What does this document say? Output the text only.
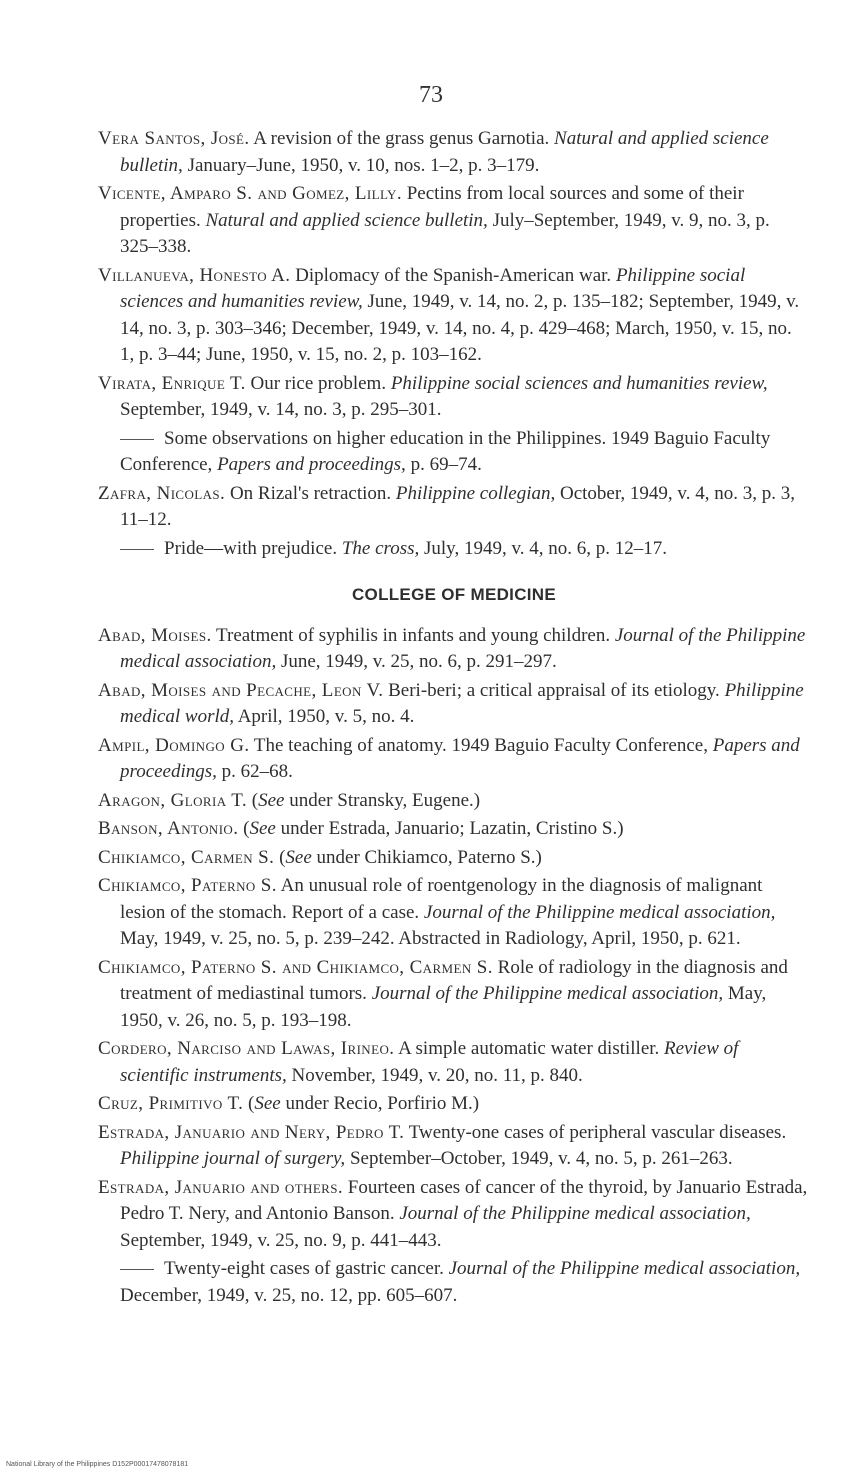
73
Vera Santos, José. A revision of the grass genus Garnotia. Natural and applied science bulletin, January–June, 1950, v. 10, nos. 1–2, p. 3–179.
Vicente, Amparo S. and Gomez, Lilly. Pectins from local sources and some of their properties. Natural and applied science bulletin, July–September, 1949, v. 9, no. 3, p. 325–338.
Villanueva, Honesto A. Diplomacy of the Spanish-American war. Philippine social sciences and humanities review, June, 1949, v. 14, no. 2, p. 135–182; September, 1949, v. 14, no. 3, p. 303–346; December, 1949, v. 14, no. 4, p. 429–468; March, 1950, v. 15, no. 1, p. 3–44; June, 1950, v. 15, no. 2, p. 103–162.
Virata, Enrique T. Our rice problem. Philippine social sciences and humanities review, September, 1949, v. 14, no. 3, p. 295–301.
Some observations on higher education in the Philippines. 1949 Baguio Faculty Conference, Papers and proceedings, p. 69–74.
Zafra, Nicolas. On Rizal's retraction. Philippine collegian, October, 1949, v. 4, no. 3, p. 3, 11–12.
Pride—with prejudice. The cross, July, 1949, v. 4, no. 6, p. 12–17.
COLLEGE OF MEDICINE
Abad, Moises. Treatment of syphilis in infants and young children. Journal of the Philippine medical association, June, 1949, v. 25, no. 6, p. 291–297.
Abad, Moises and Pecache, Leon V. Beri-beri; a critical appraisal of its etiology. Philippine medical world, April, 1950, v. 5, no. 4.
Ampil, Domingo G. The teaching of anatomy. 1949 Baguio Faculty Conference, Papers and proceedings, p. 62–68.
Aragon, Gloria T. (See under Stransky, Eugene.)
Banson, Antonio. (See under Estrada, Januario; Lazatin, Cristino S.)
Chikiamco, Carmen S. (See under Chikiamco, Paterno S.)
Chikiamco, Paterno S. An unusual role of roentgenology in the diagnosis of malignant lesion of the stomach. Report of a case. Journal of the Philippine medical association, May, 1949, v. 25, no. 5, p. 239–242. Abstracted in Radiology, April, 1950, p. 621.
Chikiamco, Paterno S. and Chikiamco, Carmen S. Role of radiology in the diagnosis and treatment of mediastinal tumors. Journal of the Philippine medical association, May, 1950, v. 26, no. 5, p. 193–198.
Cordero, Narciso and Lawas, Irineo. A simple automatic water distiller. Review of scientific instruments, November, 1949, v. 20, no. 11, p. 840.
Cruz, Primitivo T. (See under Recio, Porfirio M.)
Estrada, Januario and Nery, Pedro T. Twenty-one cases of peripheral vascular diseases. Philippine journal of surgery, September–October, 1949, v. 4, no. 5, p. 261–263.
Estrada, Januario and others. Fourteen cases of cancer of the thyroid, by Januario Estrada, Pedro T. Nery, and Antonio Banson. Journal of the Philippine medical association, September, 1949, v. 25, no. 9, p. 441–443.
Twenty-eight cases of gastric cancer. Journal of the Philippine medical association, December, 1949, v. 25, no. 12, pp. 605–607.
National Library of the Philippines D152P00017478078181
